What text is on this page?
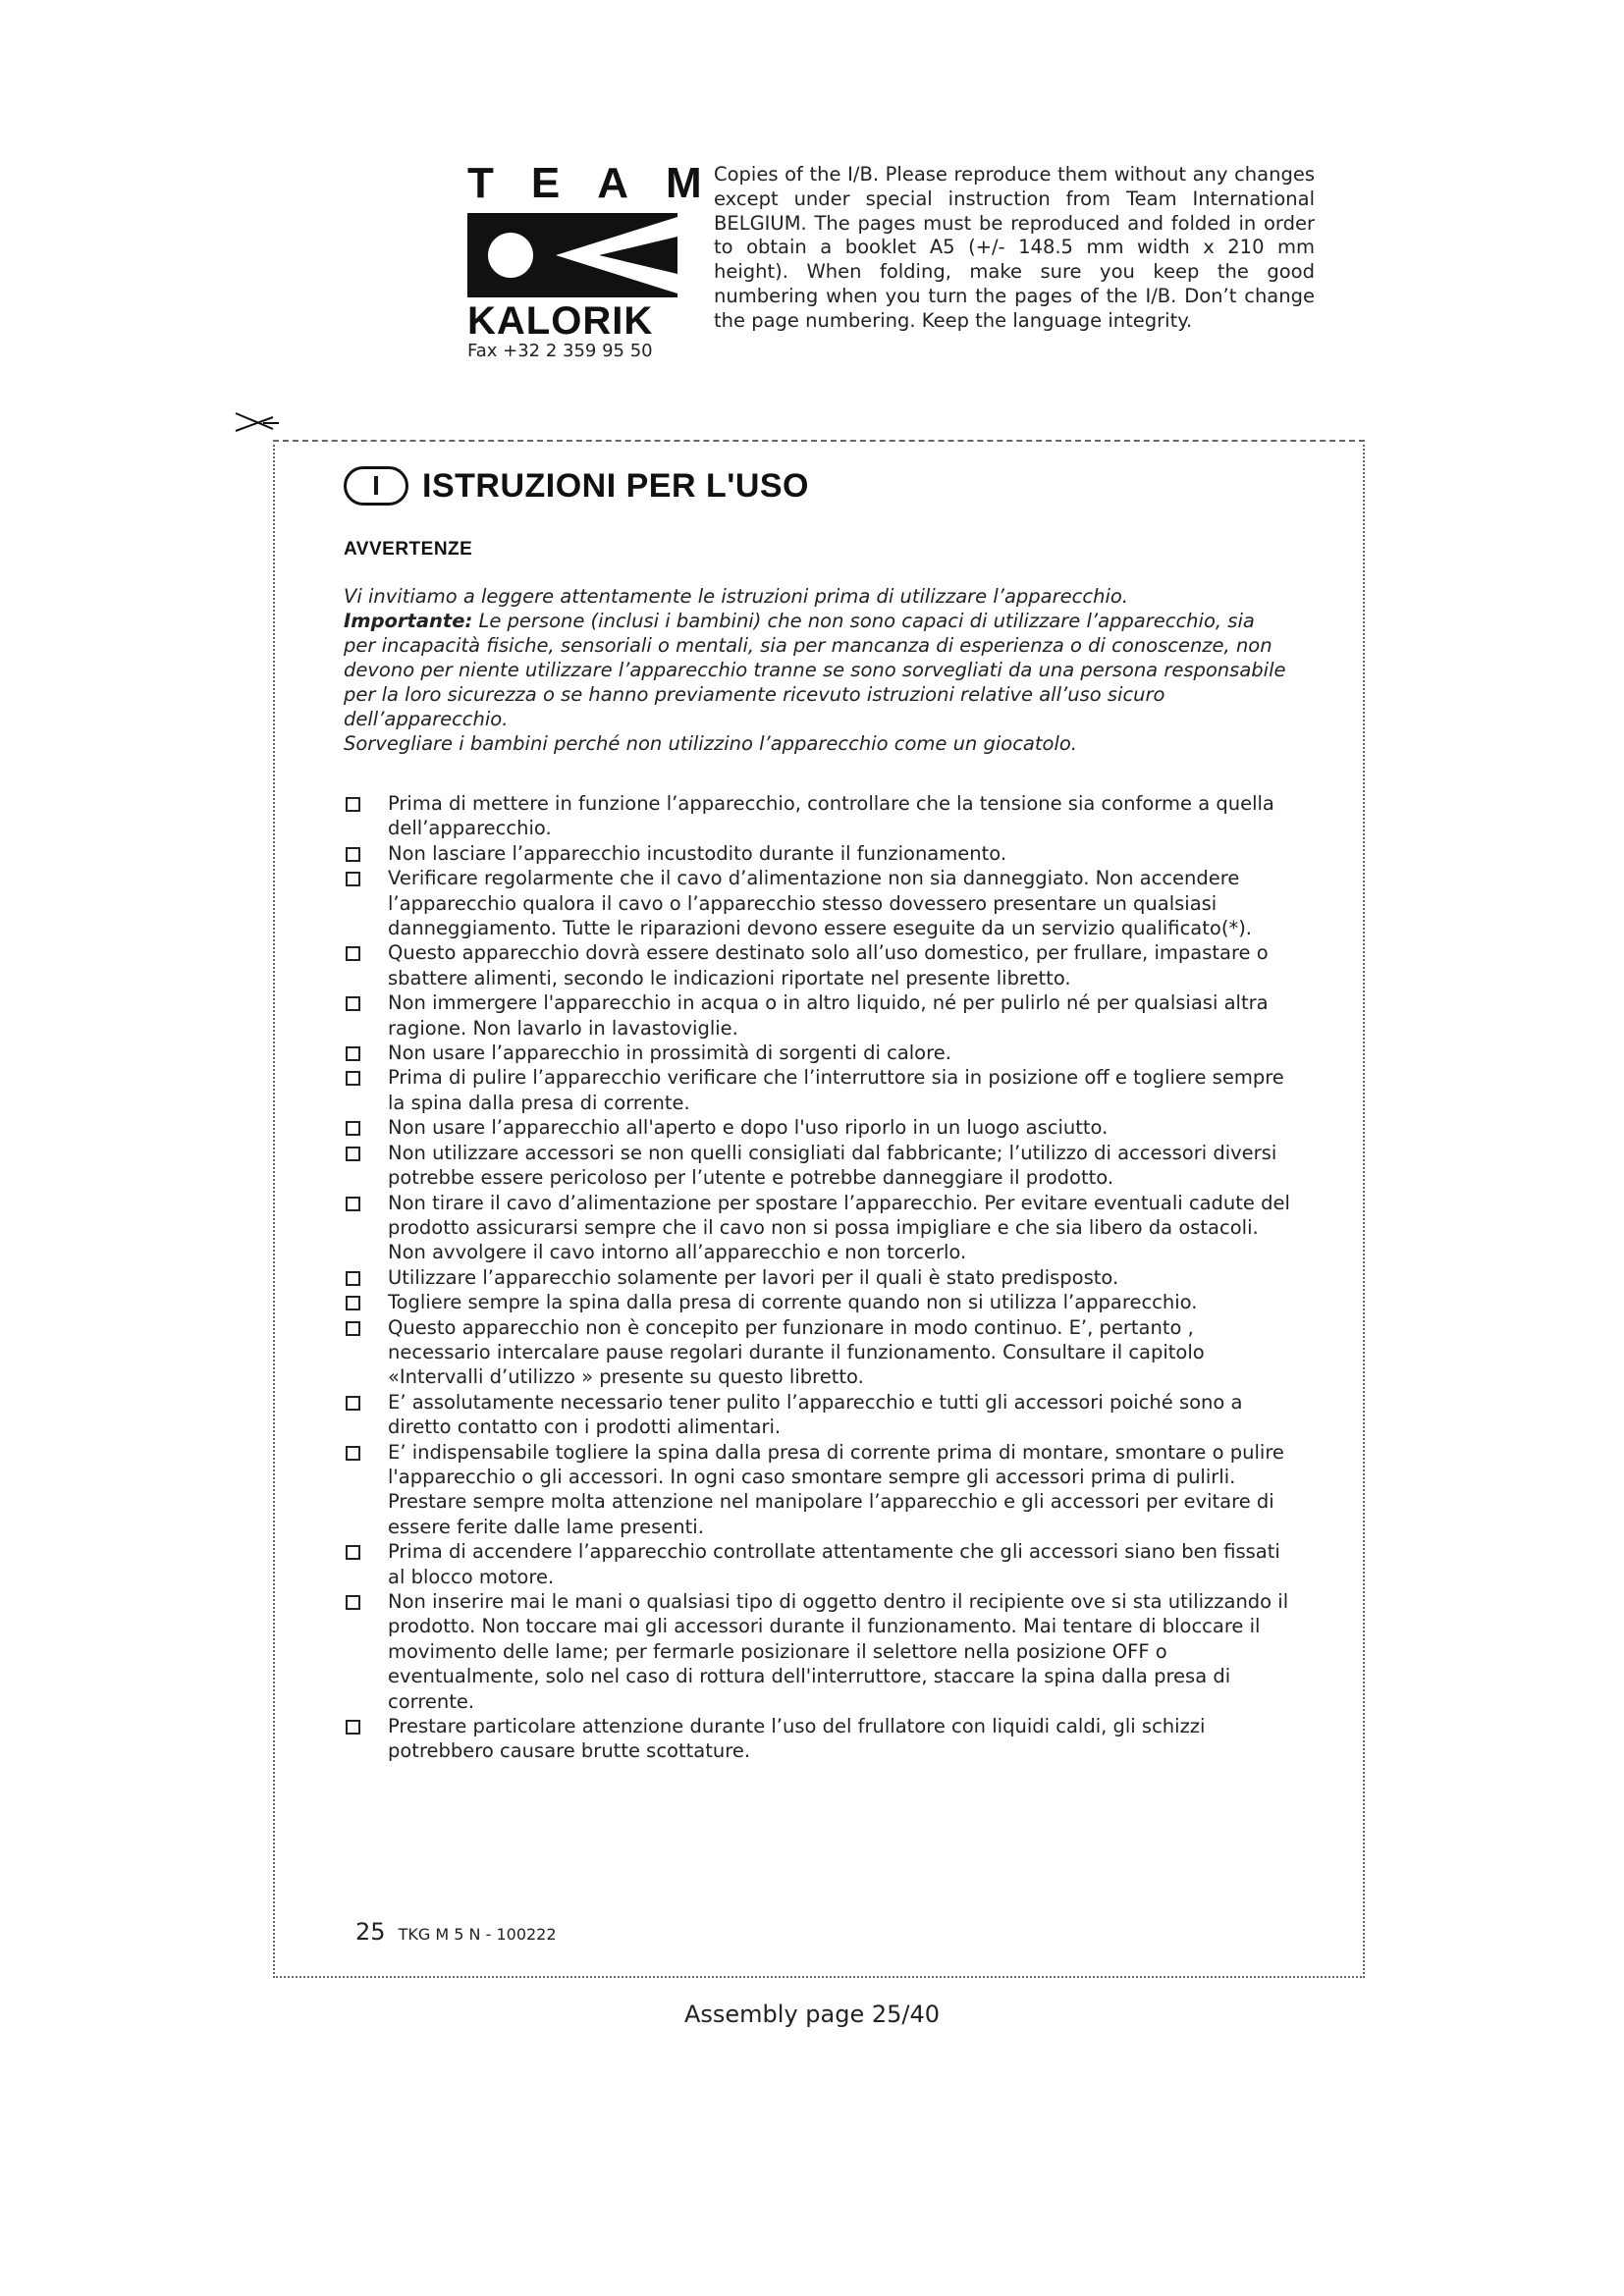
TEAM
KALORIK
Fax +32 2 359 95 50
Copies of the I/B. Please reproduce them without any changes except under special instruction from Team International BELGIUM. The pages must be reproduced and folded in order to obtain a booklet A5 (+/- 148.5 mm width x 210 mm height). When folding, make sure you keep the good numbering when you turn the pages of the I/B. Don’t change the page numbering. Keep the language integrity.
I	ISTRUZIONI PER L'USO
AVVERTENZE

Vi invitiamo a leggere attentamente le istruzioni prima di utilizzare l’apparecchio.

Importante: Le persone (inclusi i bambini) che non sono capaci di utilizzare l’apparecchio, sia per incapacità fisiche, sensoriali o mentali, sia per mancanza di esperienza o di conoscenze, non devono per niente utilizzare l’apparecchio tranne se sono sorvegliati da una persona responsabile per la loro sicurezza o se hanno previamente ricevuto istruzioni relative all’uso sicuro dell’apparecchio.

Sorvegliare i bambini perché non utilizzino l’apparecchio come un giocatolo.

Prima di mettere in funzione l’apparecchio, controllare che la tensione sia conforme a quella dell’apparecchio.
Non lasciare l’apparecchio incustodito durante il funzionamento.
Verificare regolarmente che il cavo d’alimentazione non sia danneggiato. Non accendere l’apparecchio qualora il cavo o l’apparecchio stesso dovessero presentare un qualsiasi danneggiamento. Tutte le riparazioni devono essere eseguite da un servizio qualificato(*).
Questo apparecchio dovrà essere destinato solo all’uso domestico, per frullare, impastare o sbattere alimenti, secondo le indicazioni riportate nel presente libretto.
Non immergere l'apparecchio in acqua o in altro liquido, né per pulirlo né per qualsiasi altra ragione. Non lavarlo in lavastoviglie.
Non usare l’apparecchio in prossimità di sorgenti di calore.
Prima di pulire l’apparecchio verificare che l’interruttore sia in posizione off e togliere sempre la spina dalla presa di corrente.
Non usare l’apparecchio all'aperto e dopo l'uso riporlo in un luogo asciutto.
Non utilizzare accessori se non quelli consigliati dal fabbricante; l’utilizzo di accessori diversi potrebbe essere pericoloso per l’utente e potrebbe danneggiare il prodotto.
Non tirare il cavo d’alimentazione per spostare l’apparecchio. Per evitare eventuali cadute del prodotto assicurarsi sempre che il cavo non si possa impigliare e che sia libero da ostacoli. Non avvolgere il cavo intorno all’apparecchio e non torcerlo.
Utilizzare l’apparecchio solamente per lavori per il quali è stato predisposto.
Togliere sempre la spina dalla presa di corrente quando non si utilizza l’apparecchio.
Questo apparecchio non è concepito per funzionare in modo continuo. E’, pertanto , necessario intercalare pause regolari durante il funzionamento. Consultare il capitolo «Intervalli d’utilizzo » presente su questo libretto.
E’ assolutamente necessario tener pulito l’apparecchio e tutti gli accessori poiché sono a diretto contatto con i prodotti alimentari.
E’ indispensabile togliere la spina dalla presa di corrente prima di montare, smontare o pulire l'apparecchio o gli accessori. In ogni caso smontare sempre gli accessori prima di pulirli. Prestare sempre molta attenzione nel manipolare l’apparecchio e gli accessori per evitare di essere ferite dalle lame presenti.
Prima di accendere l’apparecchio controllate attentamente che gli accessori siano ben fissati al blocco motore.
Non inserire mai le mani o qualsiasi tipo di oggetto dentro il recipiente ove si sta utilizzando il prodotto. Non toccare mai gli accessori durante il funzionamento. Mai tentare di bloccare il movimento delle lame; per fermarle posizionare il selettore nella posizione OFF o eventualmente, solo nel caso di rottura dell'interruttore, staccare la spina dalla presa di corrente.
Prestare particolare attenzione durante l’uso del frullatore con liquidi caldi, gli schizzi potrebbero causare brutte scottature.
25 TKG M 5 N - 100222
Assembly page 25/40
